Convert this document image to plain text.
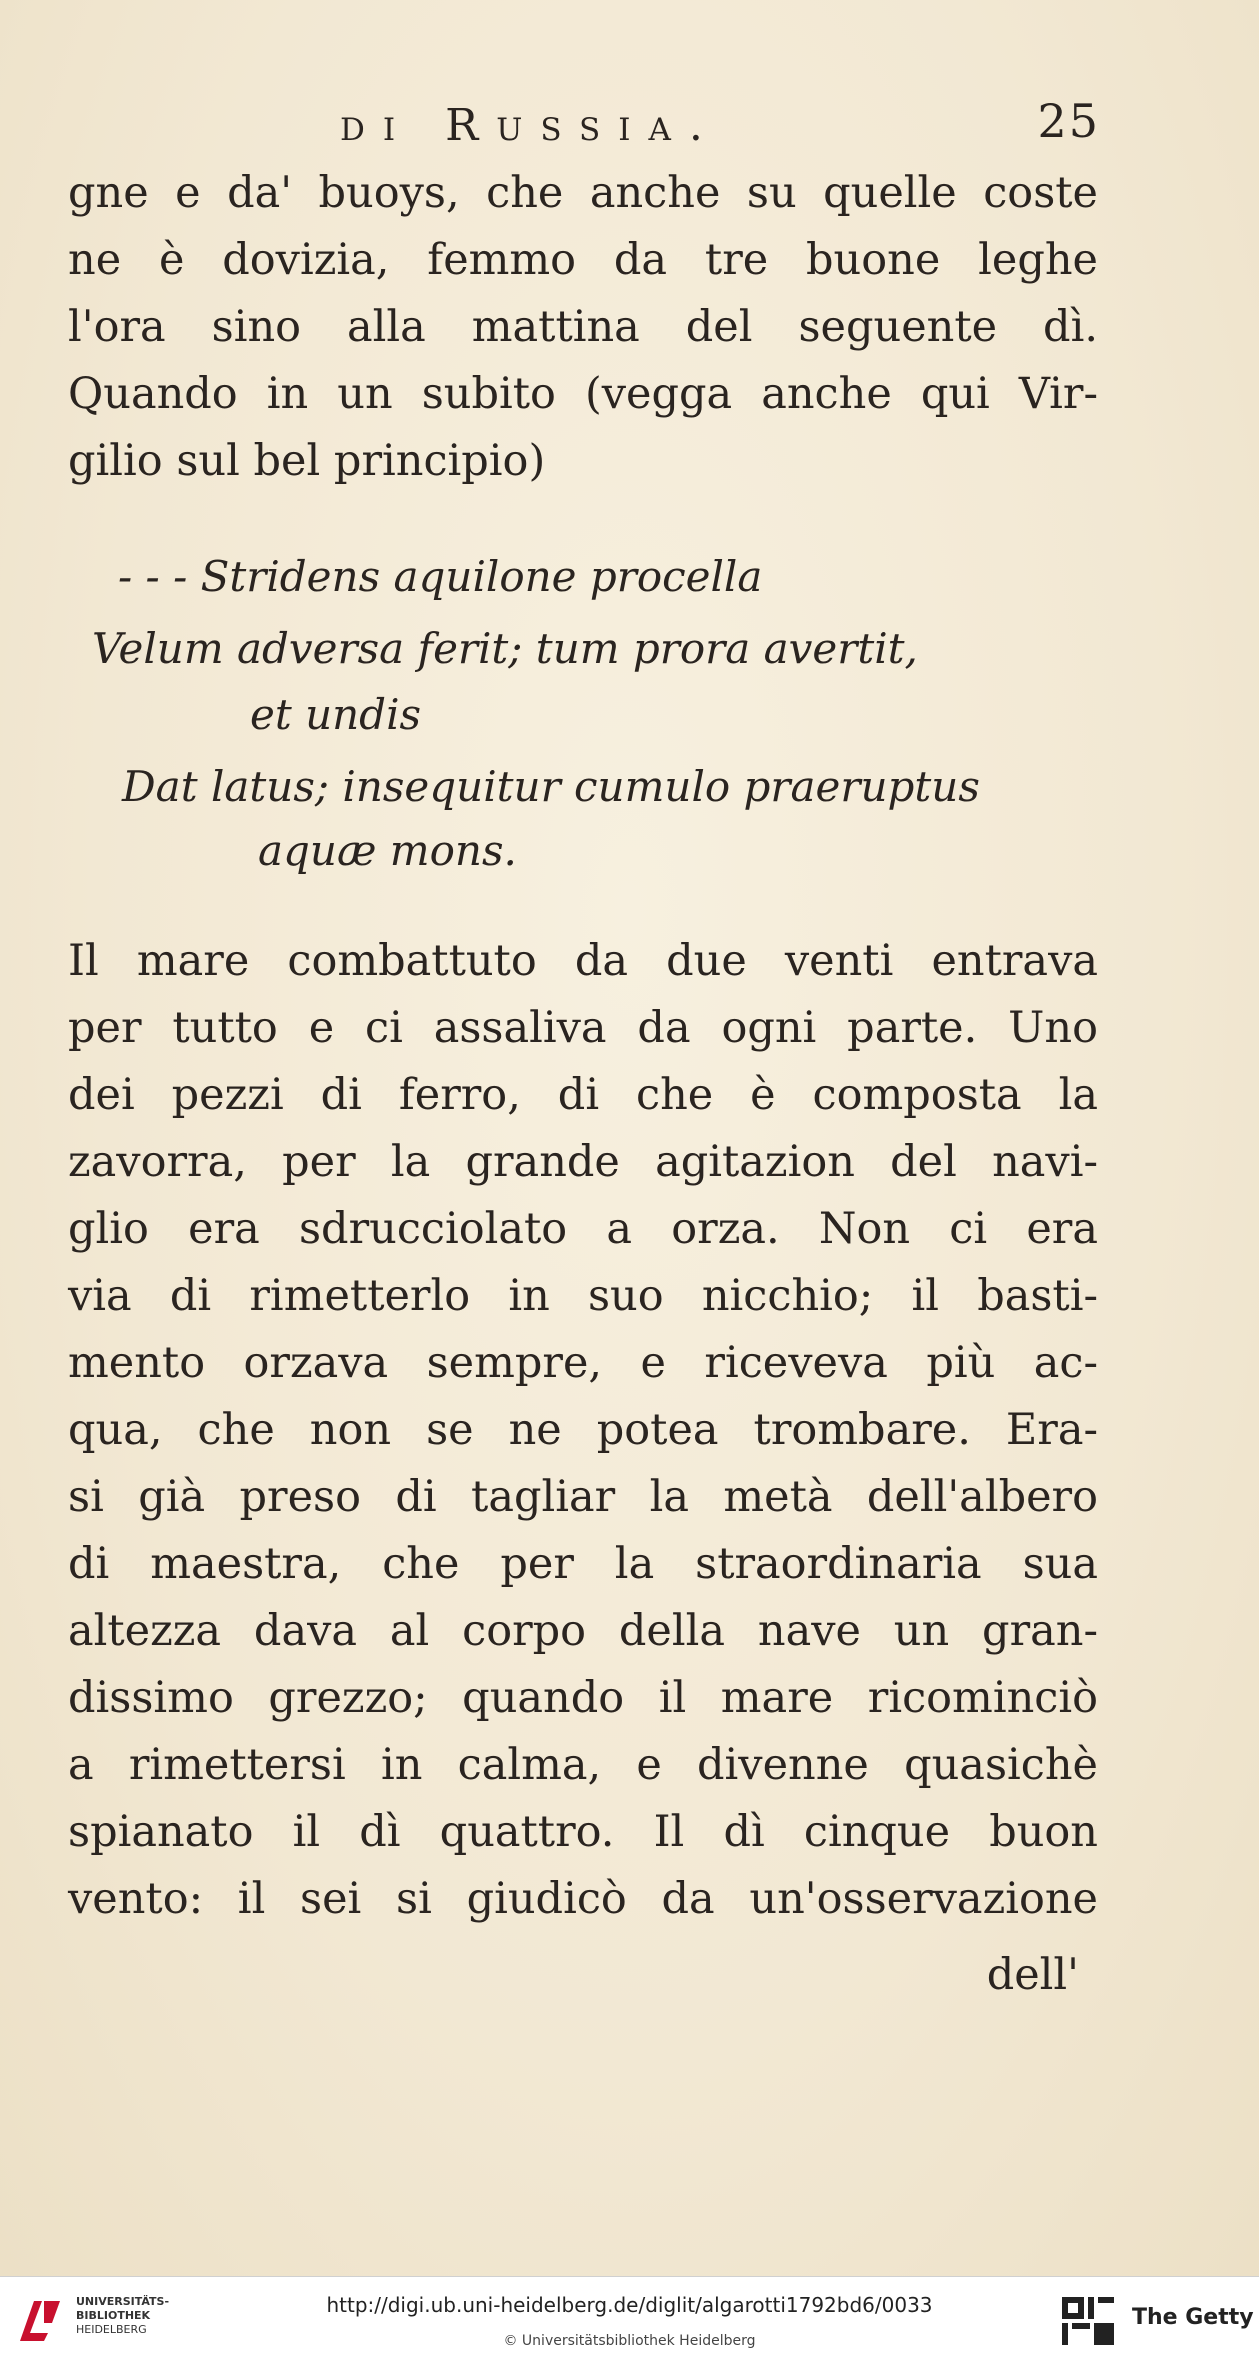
di Russia.	25
gne e da' buoys, che anche su quelle coste
ne è dovizia, femmo da tre buone leghe
l'ora sino alla mattina del seguente dì.
Quando in un subito (vegga anche qui Vir-
gilio sul bel principio)
- - - Stridens aquilone procella
Velum adversa ferit; tum prora avertit,
et undis
Dat latus; insequitur cumulo praeruptus
aquæ mons.
Il mare combattuto da due venti entrava
per tutto e ci assaliva da ogni parte. Uno
dei pezzi di ferro, di che è composta la
zavorra, per la grande agitazion del navi-
glio era sdrucciolato a orza. Non ci era
via di rimetterlo in suo nicchio; il basti-
mento orzava sempre, e riceveva più ac-
qua, che non se ne potea trombare. Era-
si già preso di tagliar la metà dell'albero
di maestra, che per la straordinaria sua
altezza dava al corpo della nave un gran-
dissimo grezzo; quando il mare ricominciò
a rimettersi in calma, e divenne quasichè
spianato il dì quattro. Il dì cinque buon
vento: il sei si giudicò da un'osservazione
dell'
UNIVERSITÄTS-
BIBLIOTHEK
HEIDELBERG
http://digi.ub.uni-heidelberg.de/diglit/algarotti1792bd6/0033
© Universitätsbibliothek Heidelberg
The Getty
